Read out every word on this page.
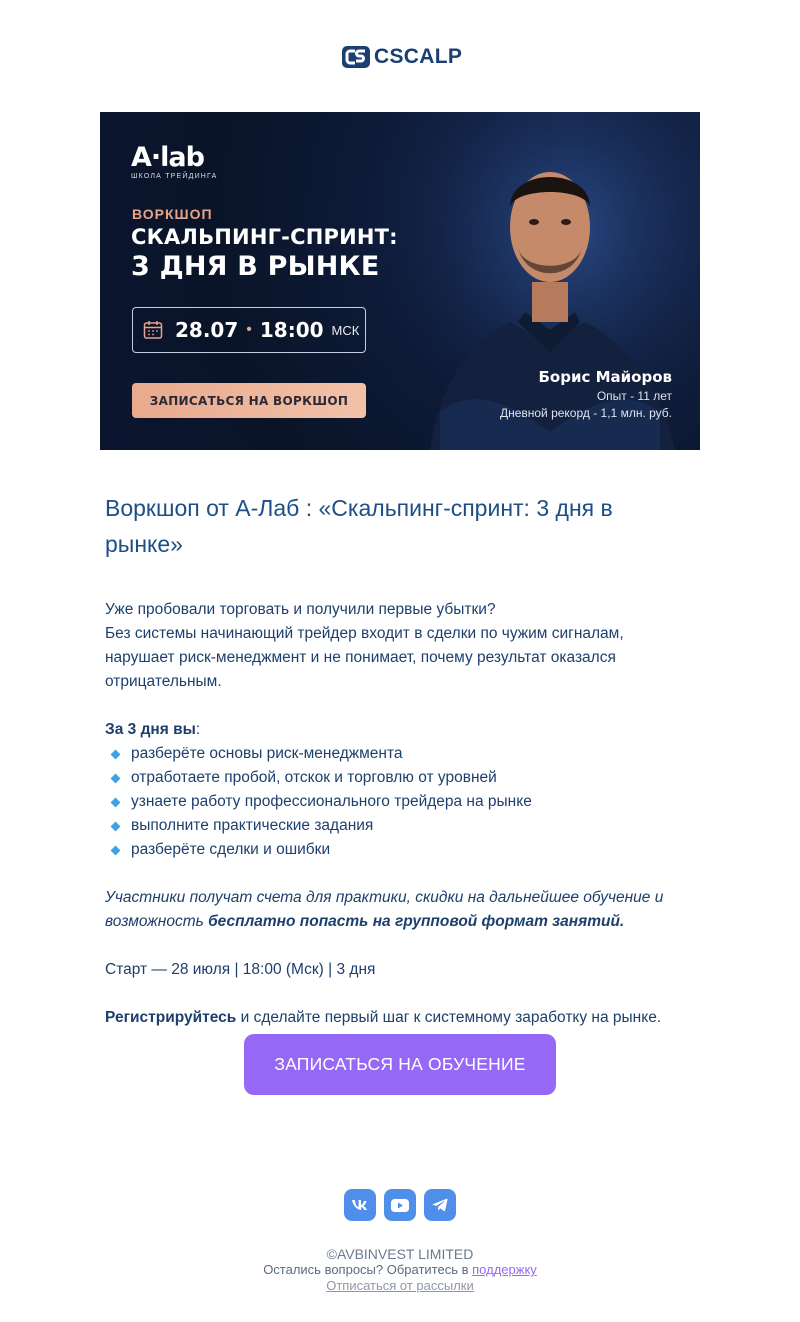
CSCALP
A·lab
ШКОЛА ТРЕЙДИНГА
ВОРКШОП
СКАЛЬПИНГ-СПРИНТ:
3 ДНЯ В РЫНКЕ
28.07 • 18:00 МСК
ЗАПИСАТЬСЯ НА ВОРКШОП
Борис Майоров
Опыт - 11 лет
Дневной рекорд - 1,1 млн. руб.
Воркшоп от А-Лаб : «Скальпинг-спринт: 3 дня в рынке»
Уже пробовали торговать и получили первые убытки?
Без системы начинающий трейдер входит в сделки по чужим сигналам, нарушает риск-менеджмент и не понимает, почему результат оказался отрицательным.
За 3 дня вы:
разберёте основы риск-менеджмента
отработаете пробой, отскок и торговлю от уровней
узнаете работу профессионального трейдера на рынке
выполните практические задания
разберёте сделки и ошибки
Участники получат счета для практики, скидки на дальнейшее обучение и возможность бесплатно попасть на групповой формат занятий.
Старт — 28 июля | 18:00 (Мск) | 3 дня
Регистрируйтесь и сделайте первый шаг к системному заработку на рынке.
ЗАПИСАТЬСЯ НА ОБУЧЕНИЕ
©AVBINVEST LIMITED
Остались вопросы? Обратитесь в поддержку
Отписаться от рассылки
